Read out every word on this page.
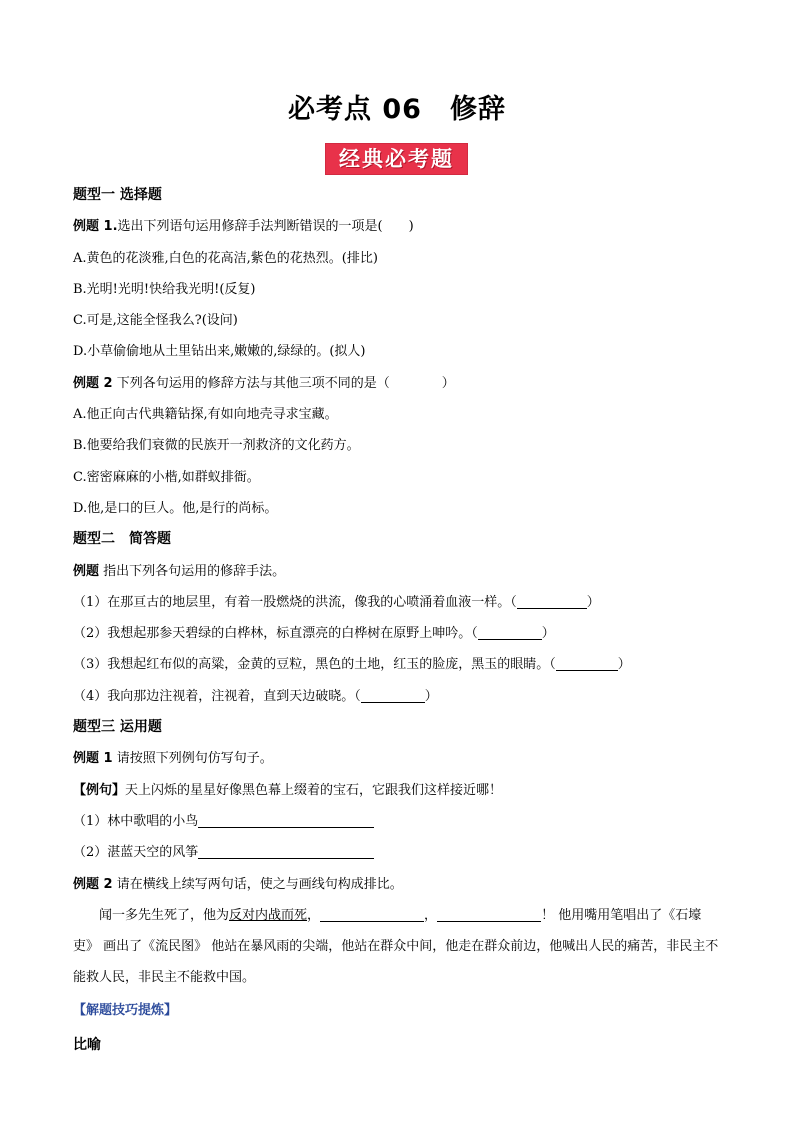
必考点 06　修辞
经典必考题
题型一 选择题
例题 1.选出下列语句运用修辞手法判断错误的一项是(　　)
A.黄色的花淡雅,白色的花高洁,紫色的花热烈。(排比)
B.光明!光明!快给我光明!(反复)
C.可是,这能全怪我么?(设问)
D.小草偷偷地从土里钻出来,嫩嫩的,绿绿的。(拟人)
例题 2 下列各句运用的修辞方法与其他三项不同的是（　　　　）
A.他正向古代典籍钻探,有如向地壳寻求宝藏。
B.他要给我们衰微的民族开一剂救济的文化药方。
C.密密麻麻的小楷,如群蚁排衙。
D.他,是口的巨人。他,是行的尚标。
题型二　简答题
例题 指出下列各句运用的修辞手法。
（1）在那亘古的地层里，有着一股燃烧的洪流，像我的心喷涌着血液一样。（	）
（2）我想起那参天碧绿的白桦林，标直漂亮的白桦树在原野上呻吟。（	）
（3）我想起红布似的高粱，金黄的豆粒，黑色的土地，红玉的脸庞，黑玉的眼睛。（	）
（4）我向那边注视着，注视着，直到天边破晓。（	）
题型三 运用题
例题 1 请按照下列例句仿写句子。
【例句】天上闪烁的星星好像黑色幕上缀着的宝石，它跟我们这样接近哪！
（1）林中歌唱的小鸟
（2）湛蓝天空的风筝
例题 2 请在横线上续写两句话，使之与画线句构成排比。
闻一多先生死了，他为反对内战而死，	，	！ 他用嘴用笔唱出了《石壕吏》 画出了《流民图》 他站在暴风雨的尖端，他站在群众中间，他走在群众前边，他喊出人民的痛苦，非民主不能救人民，非民主不能救中国。
【解题技巧提炼】
比喻
